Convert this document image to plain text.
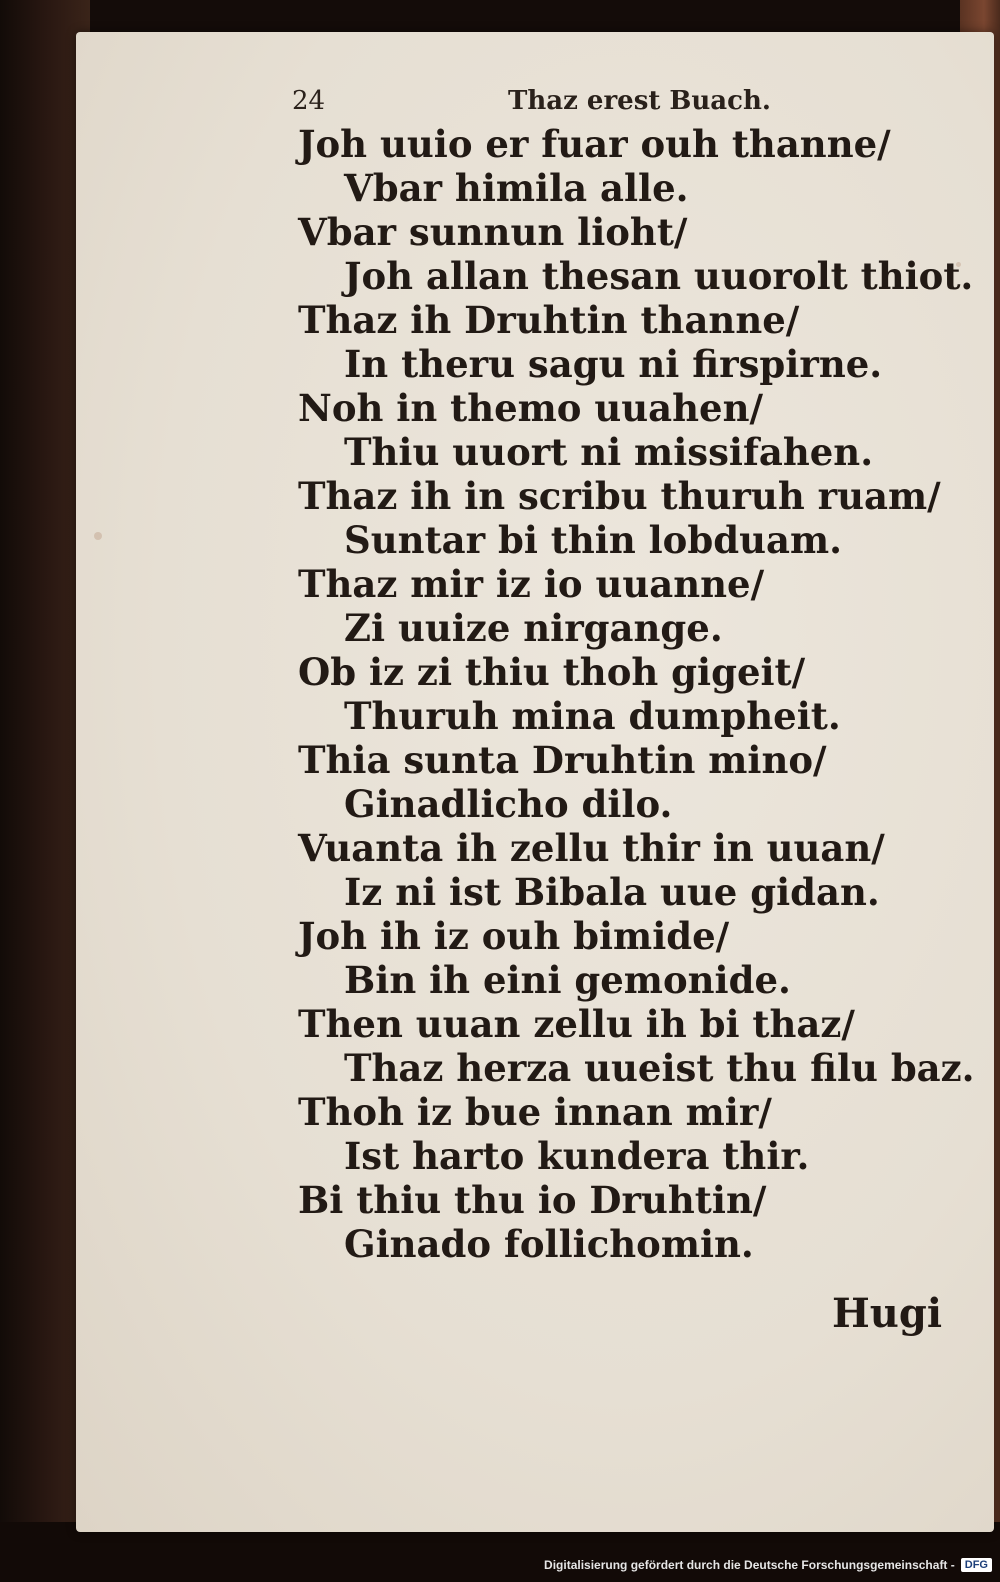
24	Thaz erest Buach.
Joh uuio er fuar ouh thanne/
Vbar himila alle.
Vbar sunnun lioht/
Joh allan thesan uuorolt thiot.
Thaz ih Druhtin thanne/
In theru sagu ni firspirne.
Noh in themo uuahen/
Thiu uuort ni missifahen.
Thaz ih in scribu thuruh ruam/
Suntar bi thin lobduam.
Thaz mir iz io uuanne/
Zi uuize nirgange.
Ob iz zi thiu thoh gigeit/
Thuruh mina dumpheit.
Thia sunta Druhtin mino/
Ginadlicho dilo.
Vuanta ih zellu thir in uuan/
Iz ni ist Bibala uue gidan.
Joh ih iz ouh bimide/
Bin ih eini gemonide.
Then uuan zellu ih bi thaz/
Thaz herza uueist thu filu baz.
Thoh iz bue innan mir/
Ist harto kundera thir.
Bi thiu thu io Druhtin/
Ginado follichomin.
Hugi
Digitalisierung gefördert durch die Deutsche Forschungsgemeinschaft - DFG
